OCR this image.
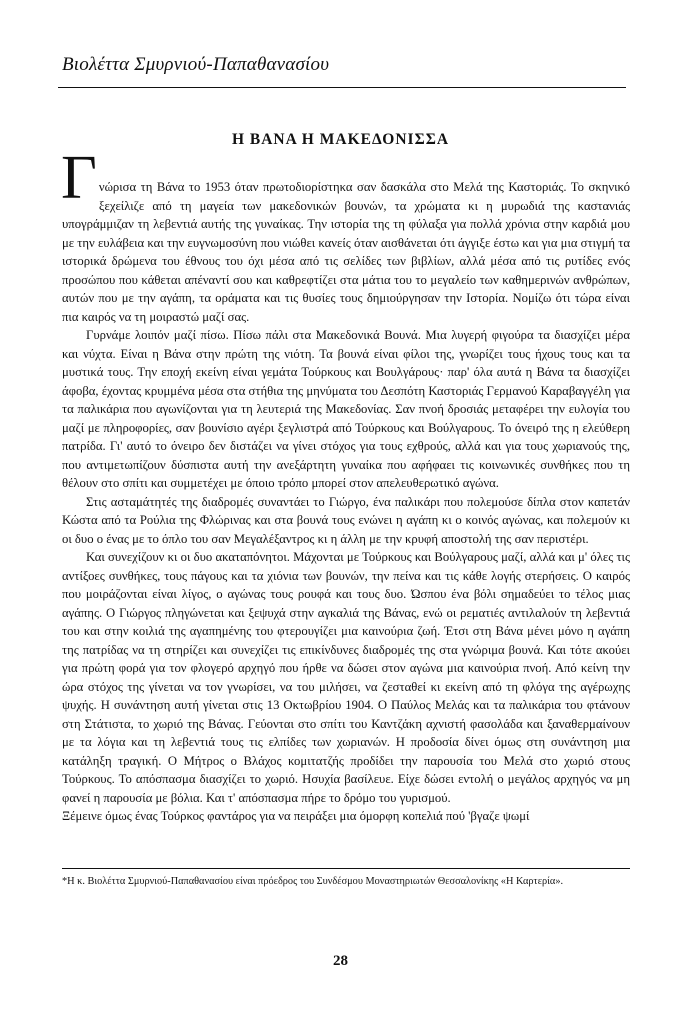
Βιολέττα Σμυρνιού-Παπαθανασίου
Η ΒΑΝΑ Η ΜΑΚΕΔΟΝΙΣΣΑ
Γ νώρισα τη Βάνα το 1953 όταν πρωτοδιορίστηκα σαν δασκάλα στο Μελά της Καστοριάς. Το σκηνικό ξεχείλιζε από τη μαγεία των μακεδονικών βουνών, τα χρώματα κι η μυρωδιά της καστανιάς υπογράμμιζαν τη λεβεντιά αυτής της γυναίκας. Την ιστορία της τη φύλαξα για πολλά χρόνια στην καρδιά μου με την ευλάβεια και την ευγνωμοσύνη που νιώθει κανείς όταν αισθάνεται ότι άγγιξε έστω και για μια στιγμή τα ιστορικά δρώμενα του έθνους του όχι μέσα από τις σελίδες των βιβλίων, αλλά μέσα από τις ρυτίδες ενός προσώπου που κάθεται απέναντί σου και καθρεφτίζει στα μάτια του το μεγαλείο των καθημερινών ανθρώπων, αυτών που με την αγάπη, τα οράματα και τις θυσίες τους δημιούργησαν την Ιστορία. Νομίζω ότι τώρα είναι πια καιρός να τη μοιραστώ μαζί σας.

Γυρνάμε λοιπόν μαζί πίσω. Πίσω πάλι στα Μακεδονικά Βουνά. Μια λυγερή φιγούρα τα διασχίζει μέρα και νύχτα. Είναι η Βάνα στην πρώτη της νιότη. Τα βουνά είναι φίλοι της, γνωρίζει τους ήχους τους και τα μυστικά τους. Την εποχή εκείνη είναι γεμάτα Τούρκους και Βουλγάρους· παρ' όλα αυτά η Βάνα τα διασχίζει άφοβα, έχοντας κρυμμένα μέσα στα στήθια της μηνύματα του Δεσπότη Καστοριάς Γερμανού Καραβαγγέλη για τα παλικάρια που αγωνίζονται για τη λευτεριά της Μακεδονίας. Σαν πνοή δροσιάς μεταφέρει την ευλογία του μαζί με πληροφορίες, σαν βουνίσιο αγέρι ξεγλιστρά από Τούρκους και Βούλγαρους. Το όνειρό της η ελεύθερη πατρίδα. Γι' αυτό το όνειρο δεν διστάζει να γίνει στόχος για τους εχθρούς, αλλά και για τους χωριανούς της, που αντιμετωπίζουν δύσπιστα αυτή την ανεξάρτητη γυναίκα που αφήφαει τις κοινωνικές συνθήκες που τη θέλουν στο σπίτι και συμμετέχει με όποιο τρόπο μπορεί στον απελευθερωτικό αγώνα.

Στις ασταμάτητές της διαδρομές συναντάει το Γιώργο, ένα παλικάρι που πολεμούσε δίπλα στον καπετάν Κώστα από τα Ρούλια της Φλώρινας και στα βουνά τους ενώνει η αγάπη κι ο κοινός αγώνας, και πολεμούν κι οι δυο ο ένας με το όπλο του σαν Μεγαλέξαντρος κι η άλλη με την κρυφή αποστολή της σαν περιστέρι.

Και συνεχίζουν κι οι δυο ακαταπόνητοι. Μάχονται με Τούρκους και Βούλγαρους μαζί, αλλά και μ' όλες τις αντίξοες συνθήκες, τους πάγους και τα χιόνια των βουνών, την πείνα και τις κάθε λογής στερήσεις. Ο καιρός που μοιράζονται είναι λίγος, ο αγώνας τους ρουφά και τους δυο. Ώσπου ένα βόλι σημαδεύει το τέλος μιας αγάπης. Ο Γιώργος πληγώνεται και ξεψυχά στην αγκαλιά της Βάνας, ενώ οι ρεματιές αντιλαλούν τη λεβεντιά του και στην κοιλιά της αγαπημένης του φτερουγίζει μια καινούρια ζωή. Έτσι στη Βάνα μένει μόνο η αγάπη της πατρίδας να τη στηρίζει και συνεχίζει τις επικίνδυνες διαδρομές της στα γνώριμα βουνά. Και τότε ακούει για πρώτη φορά για τον φλογερό αρχηγό που ήρθε να δώσει στον αγώνα μια καινούρια πνοή. Από κείνη την ώρα στόχος της γίνεται να τον γνωρίσει, να του μιλήσει, να ζεσταθεί κι εκείνη από τη φλόγα της αγέρωχης ψυχής. Η συνάντηση αυτή γίνεται στις 13 Οκτωβρίου 1904. Ο Παύλος Μελάς και τα παλικάρια του φτάνουν στη Στάτιστα, το χωριό της Βάνας. Γεύονται στο σπίτι του Καντζάκη αχνιστή φασολάδα και ξαναθερμαίνουν με τα λόγια και τη λεβεντιά τους τις ελπίδες των χωριανών. Η προδοσία δίνει όμως στη συνάντηση μια κατάληξη τραγική. Ο Μήτρος ο Βλάχος κομιτατζής προδίδει την παρουσία του Μελά στο χωριό στους Τούρκους. Το απόσπασμα διασχίζει το χωριό. Ησυχία βασίλευε. Είχε δώσει εντολή ο μεγάλος αρχηγός να μη φανεί η παρουσία με βόλια. Και τ' απόσπασμα πήρε το δρόμο του γυρισμού.

Ξέμεινε όμως ένας Τούρκος φαντάρος για να πειράξει μια όμορφη κοπελιά πού 'βγαζε ψωμί

*Η κ. Βιολέττα Σμυρνιού-Παπαθανασίου είναι πρόεδρος του Συνδέσμου Μοναστηριωτών Θεσσαλονίκης «Η Καρτερία».
28
